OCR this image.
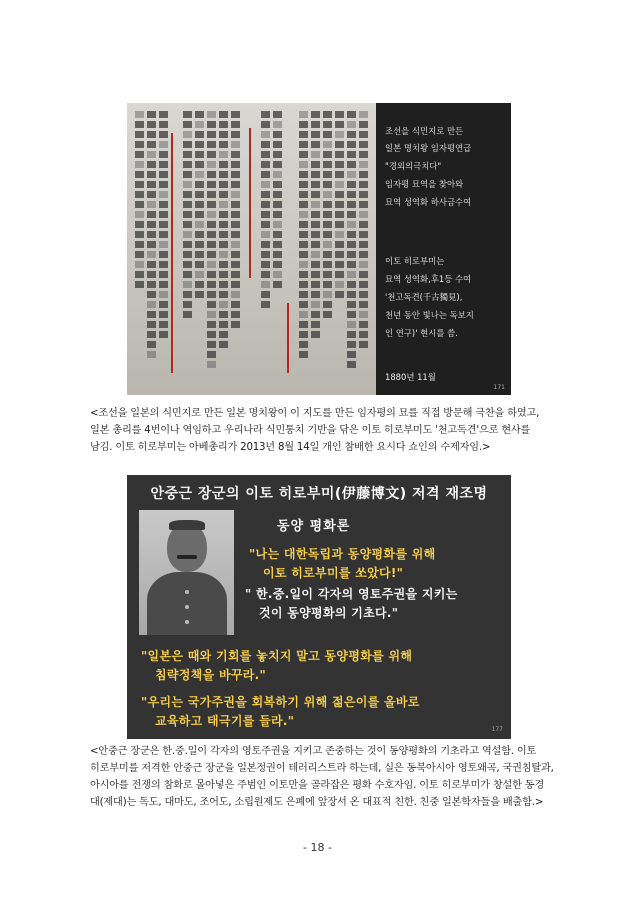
조선을 식민지로 만든
일본 명치왕 임자평연급
"경외의극치다"
임자평 묘역을 찾아와
묘역 성역화 하사금수여
이토 히로부미는
묘역 성역화,후1등 수여
'천고독견(千古獨見),
천년 동안 빛나는 독보지
인 연구)' 현시를 씀.
1880년 11월
171
<조선을 일본의 식민지로 만든 일본 명치왕이 이 지도를 만든 임자평의 묘를 직접 방문해 극찬을 하였고,
일본 총리를 4번이나 역임하고 우리나라 식민통치 기반을 닦은 이토 히로부미도 '천고독견'으로 현사를
남김. 이토 히로부미는 아베총리가 2013년 8월 14일 개인 참배한 요시다 쇼인의 수제자임.>
안중근 장군의 이토 히로부미(伊藤博文) 저격 재조명
동양 평화론
"나는 대한독립과 동양평화를 위해
이토 히로부미를 쏘았다!"
" 한.중.일이 각자의 영토주권을 지키는
것이 동양평화의 기초다."
"일본은 때와 기회를 놓치지 말고 동양평화를 위해
침략정책을 바꾸라."
"우리는 국가주권을 회복하기 위해 젊은이를 올바로
교육하고 태극기를 들라."
177
<안중근 장군은 한.중.일이 각자의 영토주권을 지키고 존중하는 것이 동양평화의 기초라고 역설함. 이토
히로부미를 저격한 안중근 장군을 일본정권이 테러리스트라 하는데, 실은 동북아시아 영토왜곡, 국권침탈과,
아시아를 전쟁의 참화로 몰아넣은 주범인 이토만을 골라잡은 평화 수호자임. 이토 히로부미가 창설한 동경
대(제대)는 독도, 대마도, 조어도, 소립원제도 은폐에 앞장서 온 대표적 친한. 친중 일본학자들을 배출함.>
- 18 -
